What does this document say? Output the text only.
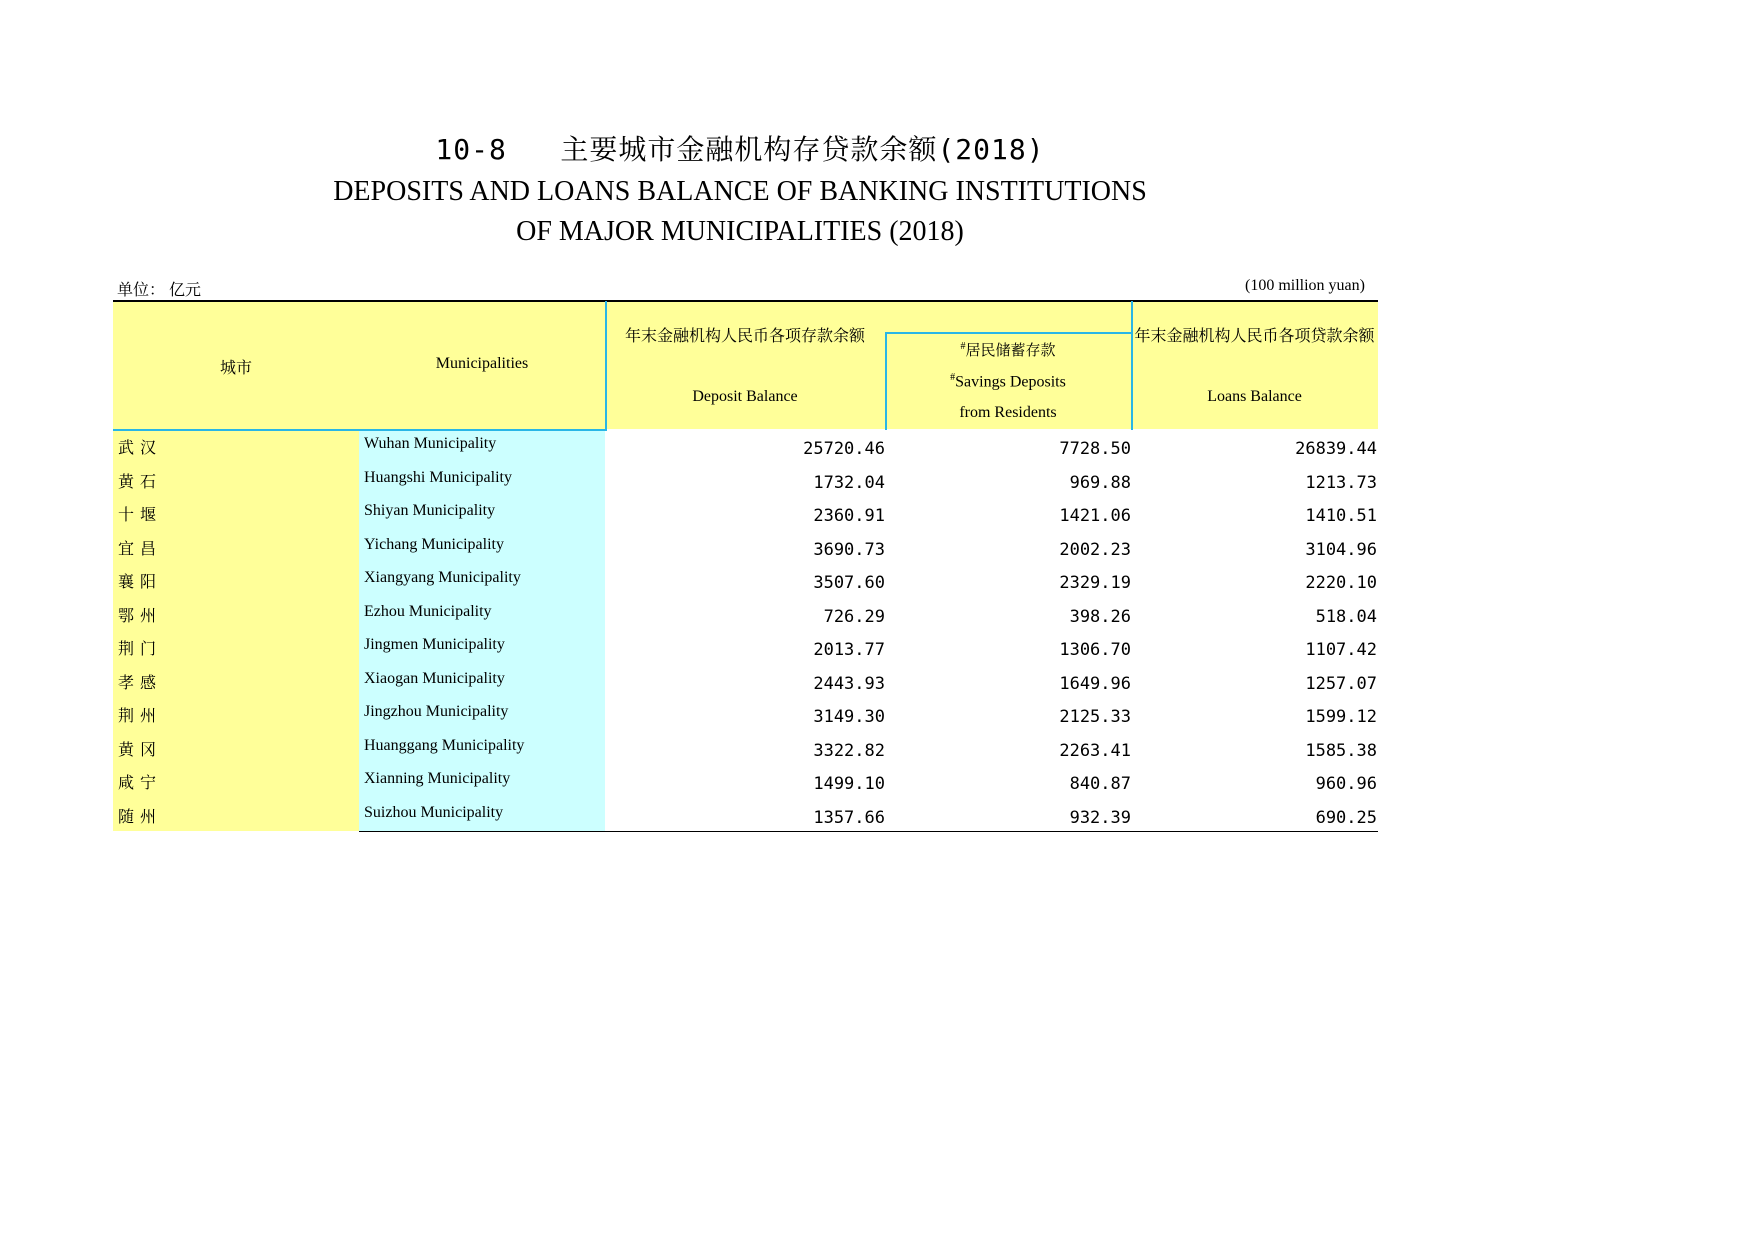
10-8 主要城市金融机构存贷款余额(2018)
DEPOSITS AND LOANS BALANCE OF BANKING INSTITUTIONS
OF MAJOR MUNICIPALITIES (2018)
单位： 亿元	(100 million yuan)
城市	Municipalities
年末金融机构人民币各项存款余额
Deposit Balance
#居民储蓄存款
#Savings Deposits
from Residents
年末金融机构人民币各项贷款余额
Loans Balance
武汉	Wuhan Municipality	25720.46	7728.50	26839.44
黄石	Huangshi Municipality	1732.04	969.88	1213.73
十堰	Shiyan Municipality	2360.91	1421.06	1410.51
宜昌	Yichang Municipality	3690.73	2002.23	3104.96
襄阳	Xiangyang Municipality	3507.60	2329.19	2220.10
鄂州	Ezhou Municipality	726.29	398.26	518.04
荆门	Jingmen Municipality	2013.77	1306.70	1107.42
孝感	Xiaogan Municipality	2443.93	1649.96	1257.07
荆州	Jingzhou Municipality	3149.30	2125.33	1599.12
黄冈	Huanggang Municipality	3322.82	2263.41	1585.38
咸宁	Xianning Municipality	1499.10	840.87	960.96
随州	Suizhou Municipality	1357.66	932.39	690.25
